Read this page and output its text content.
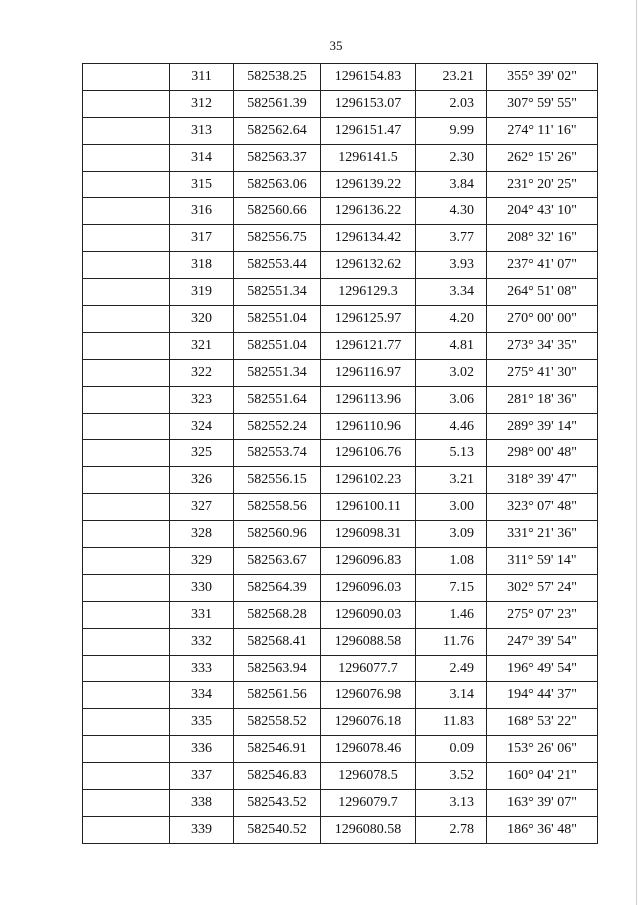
35
	311	582538.25	1296154.83	23.21	355° 39' 02"
	312	582561.39	1296153.07	2.03	307° 59' 55"
	313	582562.64	1296151.47	9.99	274° 11' 16"
	314	582563.37	1296141.5	2.30	262° 15' 26"
	315	582563.06	1296139.22	3.84	231° 20' 25"
	316	582560.66	1296136.22	4.30	204° 43' 10"
	317	582556.75	1296134.42	3.77	208° 32' 16"
	318	582553.44	1296132.62	3.93	237° 41' 07"
	319	582551.34	1296129.3	3.34	264° 51' 08"
	320	582551.04	1296125.97	4.20	270° 00' 00"
	321	582551.04	1296121.77	4.81	273° 34' 35"
	322	582551.34	1296116.97	3.02	275° 41' 30"
	323	582551.64	1296113.96	3.06	281° 18' 36"
	324	582552.24	1296110.96	4.46	289° 39' 14"
	325	582553.74	1296106.76	5.13	298° 00' 48"
	326	582556.15	1296102.23	3.21	318° 39' 47"
	327	582558.56	1296100.11	3.00	323° 07' 48"
	328	582560.96	1296098.31	3.09	331° 21' 36"
	329	582563.67	1296096.83	1.08	311° 59' 14"
	330	582564.39	1296096.03	7.15	302° 57' 24"
	331	582568.28	1296090.03	1.46	275° 07' 23"
	332	582568.41	1296088.58	11.76	247° 39' 54"
	333	582563.94	1296077.7	2.49	196° 49' 54"
	334	582561.56	1296076.98	3.14	194° 44' 37"
	335	582558.52	1296076.18	11.83	168° 53' 22"
	336	582546.91	1296078.46	0.09	153° 26' 06"
	337	582546.83	1296078.5	3.52	160° 04' 21"
	338	582543.52	1296079.7	3.13	163° 39' 07"
	339	582540.52	1296080.58	2.78	186° 36' 48"
